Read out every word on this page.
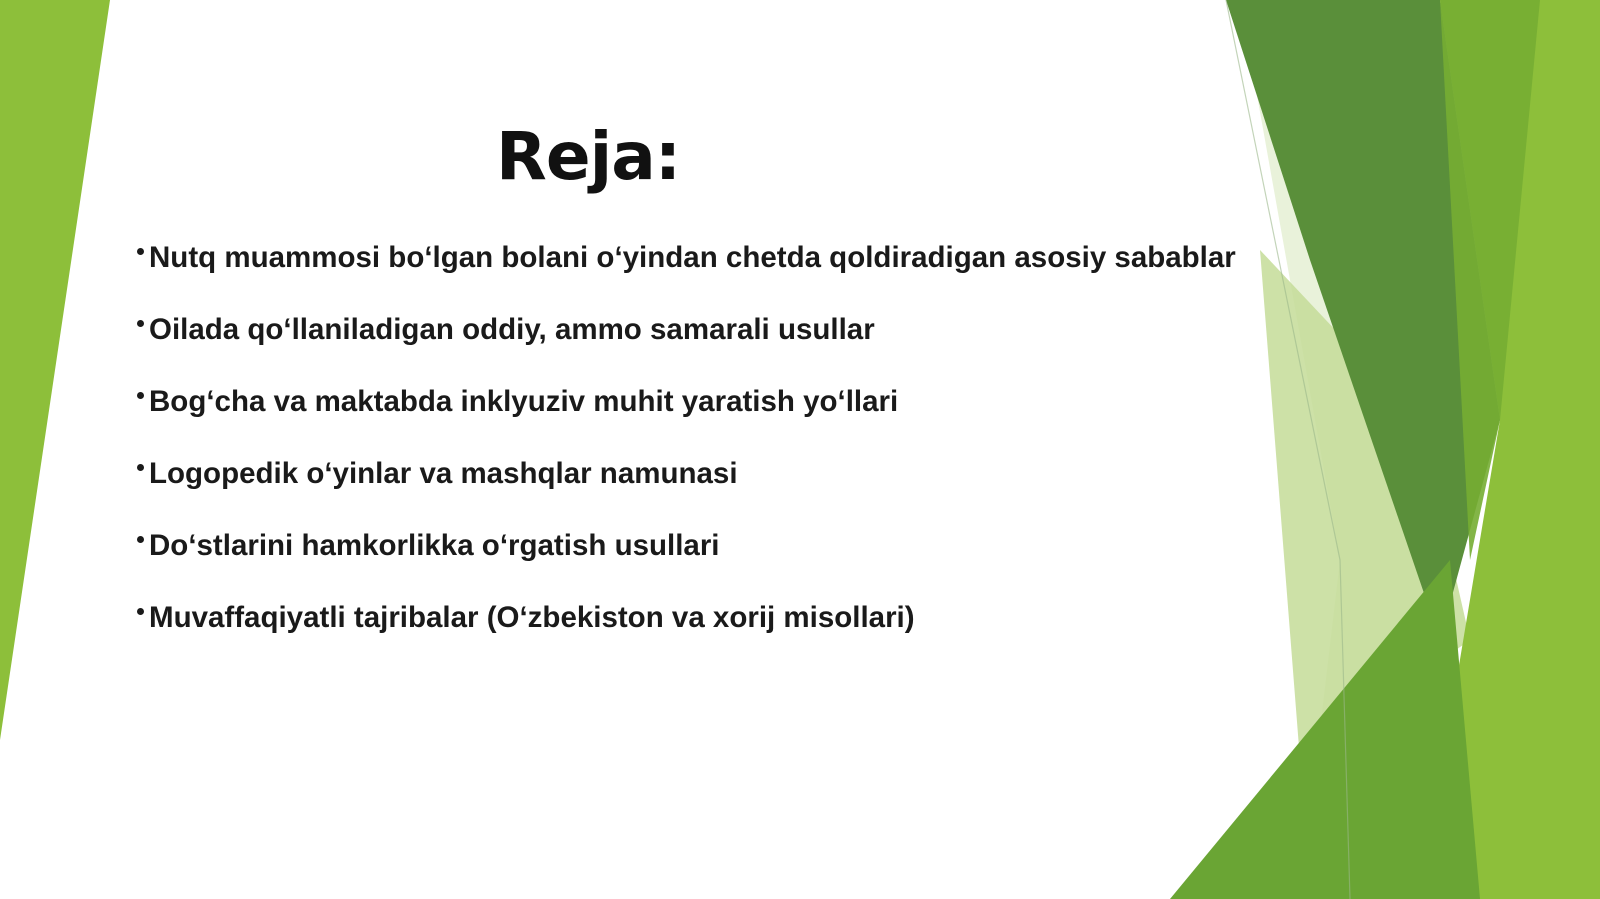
Reja:
Nutq muammosi bo‘lgan bolani o‘yindan chetda qoldiradigan asosiy sabablar
Oilada qo‘llaniladigan oddiy, ammo samarali usullar
Bog‘cha va maktabda inklyuziv muhit yaratish yo‘llari
Logopedik o‘yinlar va mashqlar namunasi
Do‘stlarini hamkorlikka o‘rgatish usullari
Muvaffaqiyatli tajribalar (O‘zbekiston va xorij misollari)
